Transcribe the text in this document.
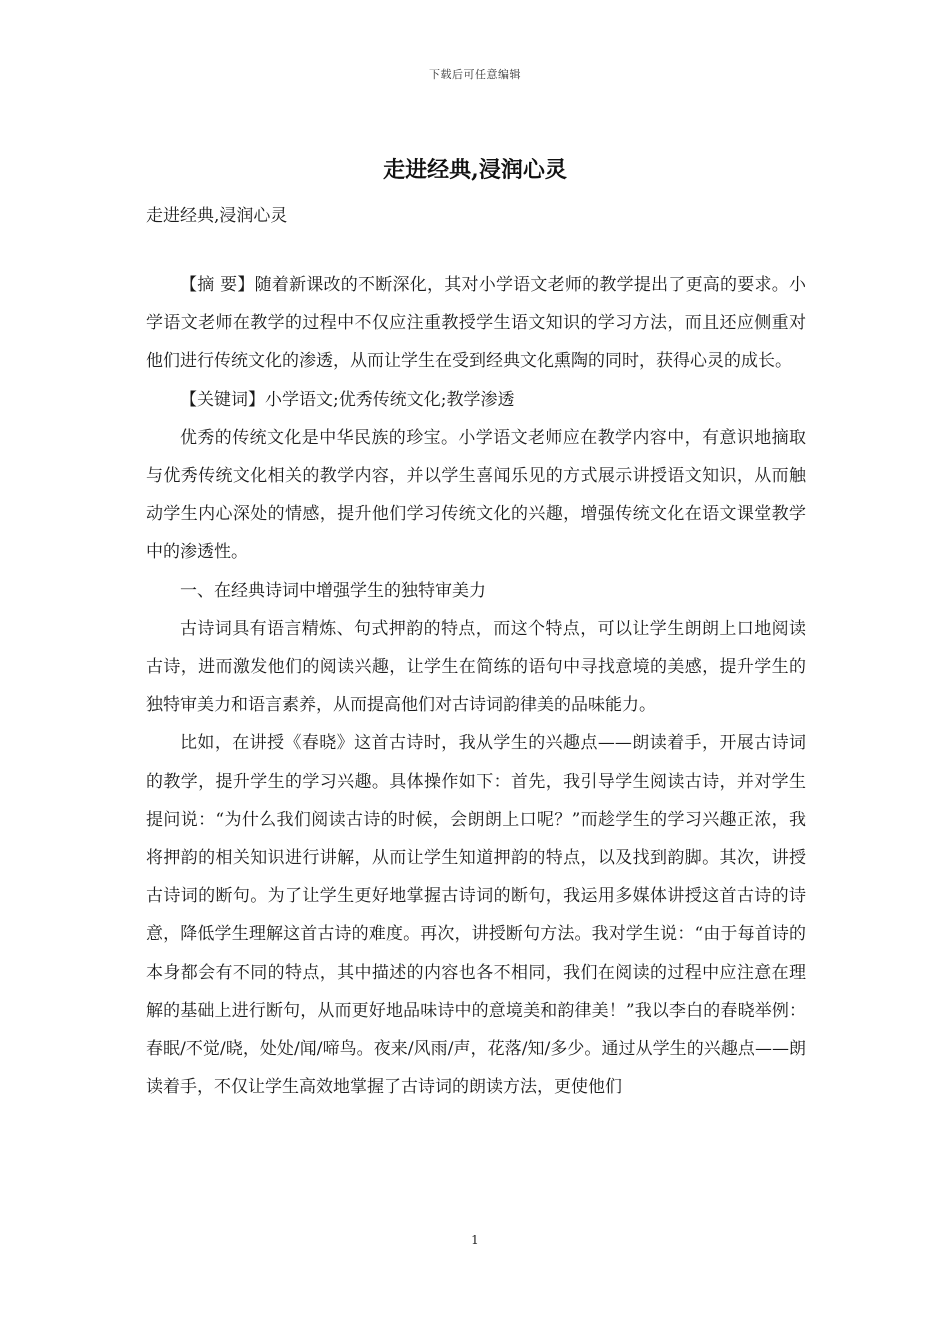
下载后可任意编辑
走进经典,浸润心灵
走进经典,浸润心灵

【摘 要】随着新课改的不断深化，其对小学语文老师的教学提出了更高的要求。小学语文老师在教学的过程中不仅应注重教授学生语文知识的学习方法，而且还应侧重对他们进行传统文化的渗透，从而让学生在受到经典文化熏陶的同时，获得心灵的成长。

【关键词】小学语文;优秀传统文化;教学渗透

优秀的传统文化是中华民族的珍宝。小学语文老师应在教学内容中，有意识地摘取与优秀传统文化相关的教学内容，并以学生喜闻乐见的方式展示讲授语文知识，从而触动学生内心深处的情感，提升他们学习传统文化的兴趣，增强传统文化在语文课堂教学中的渗透性。

一、在经典诗词中增强学生的独特审美力

古诗词具有语言精炼、句式押韵的特点，而这个特点，可以让学生朗朗上口地阅读古诗，进而激发他们的阅读兴趣，让学生在简练的语句中寻找意境的美感，提升学生的独特审美力和语言素养，从而提高他们对古诗词韵律美的品味能力。

比如，在讲授《春晓》这首古诗时，我从学生的兴趣点——朗读着手，开展古诗词的教学，提升学生的学习兴趣。具体操作如下：首先，我引导学生阅读古诗，并对学生提问说：“为什么我们阅读古诗的时候，会朗朗上口呢？”而趁学生的学习兴趣正浓，我将押韵的相关知识进行讲解，从而让学生知道押韵的特点，以及找到韵脚。其次，讲授古诗词的断句。为了让学生更好地掌握古诗词的断句，我运用多媒体讲授这首古诗的诗意，降低学生理解这首古诗的难度。再次，讲授断句方法。我对学生说：“由于每首诗的本身都会有不同的特点，其中描述的内容也各不相同，我们在阅读的过程中应注意在理解的基础上进行断句，从而更好地品味诗中的意境美和韵律美！”我以李白的春晓举例：春眠/不觉/晓，处处/闻/啼鸟。夜来/风雨/声，花落/知/多少。通过从学生的兴趣点——朗读着手，不仅让学生高效地掌握了古诗词的朗读方法，更使他们

1
